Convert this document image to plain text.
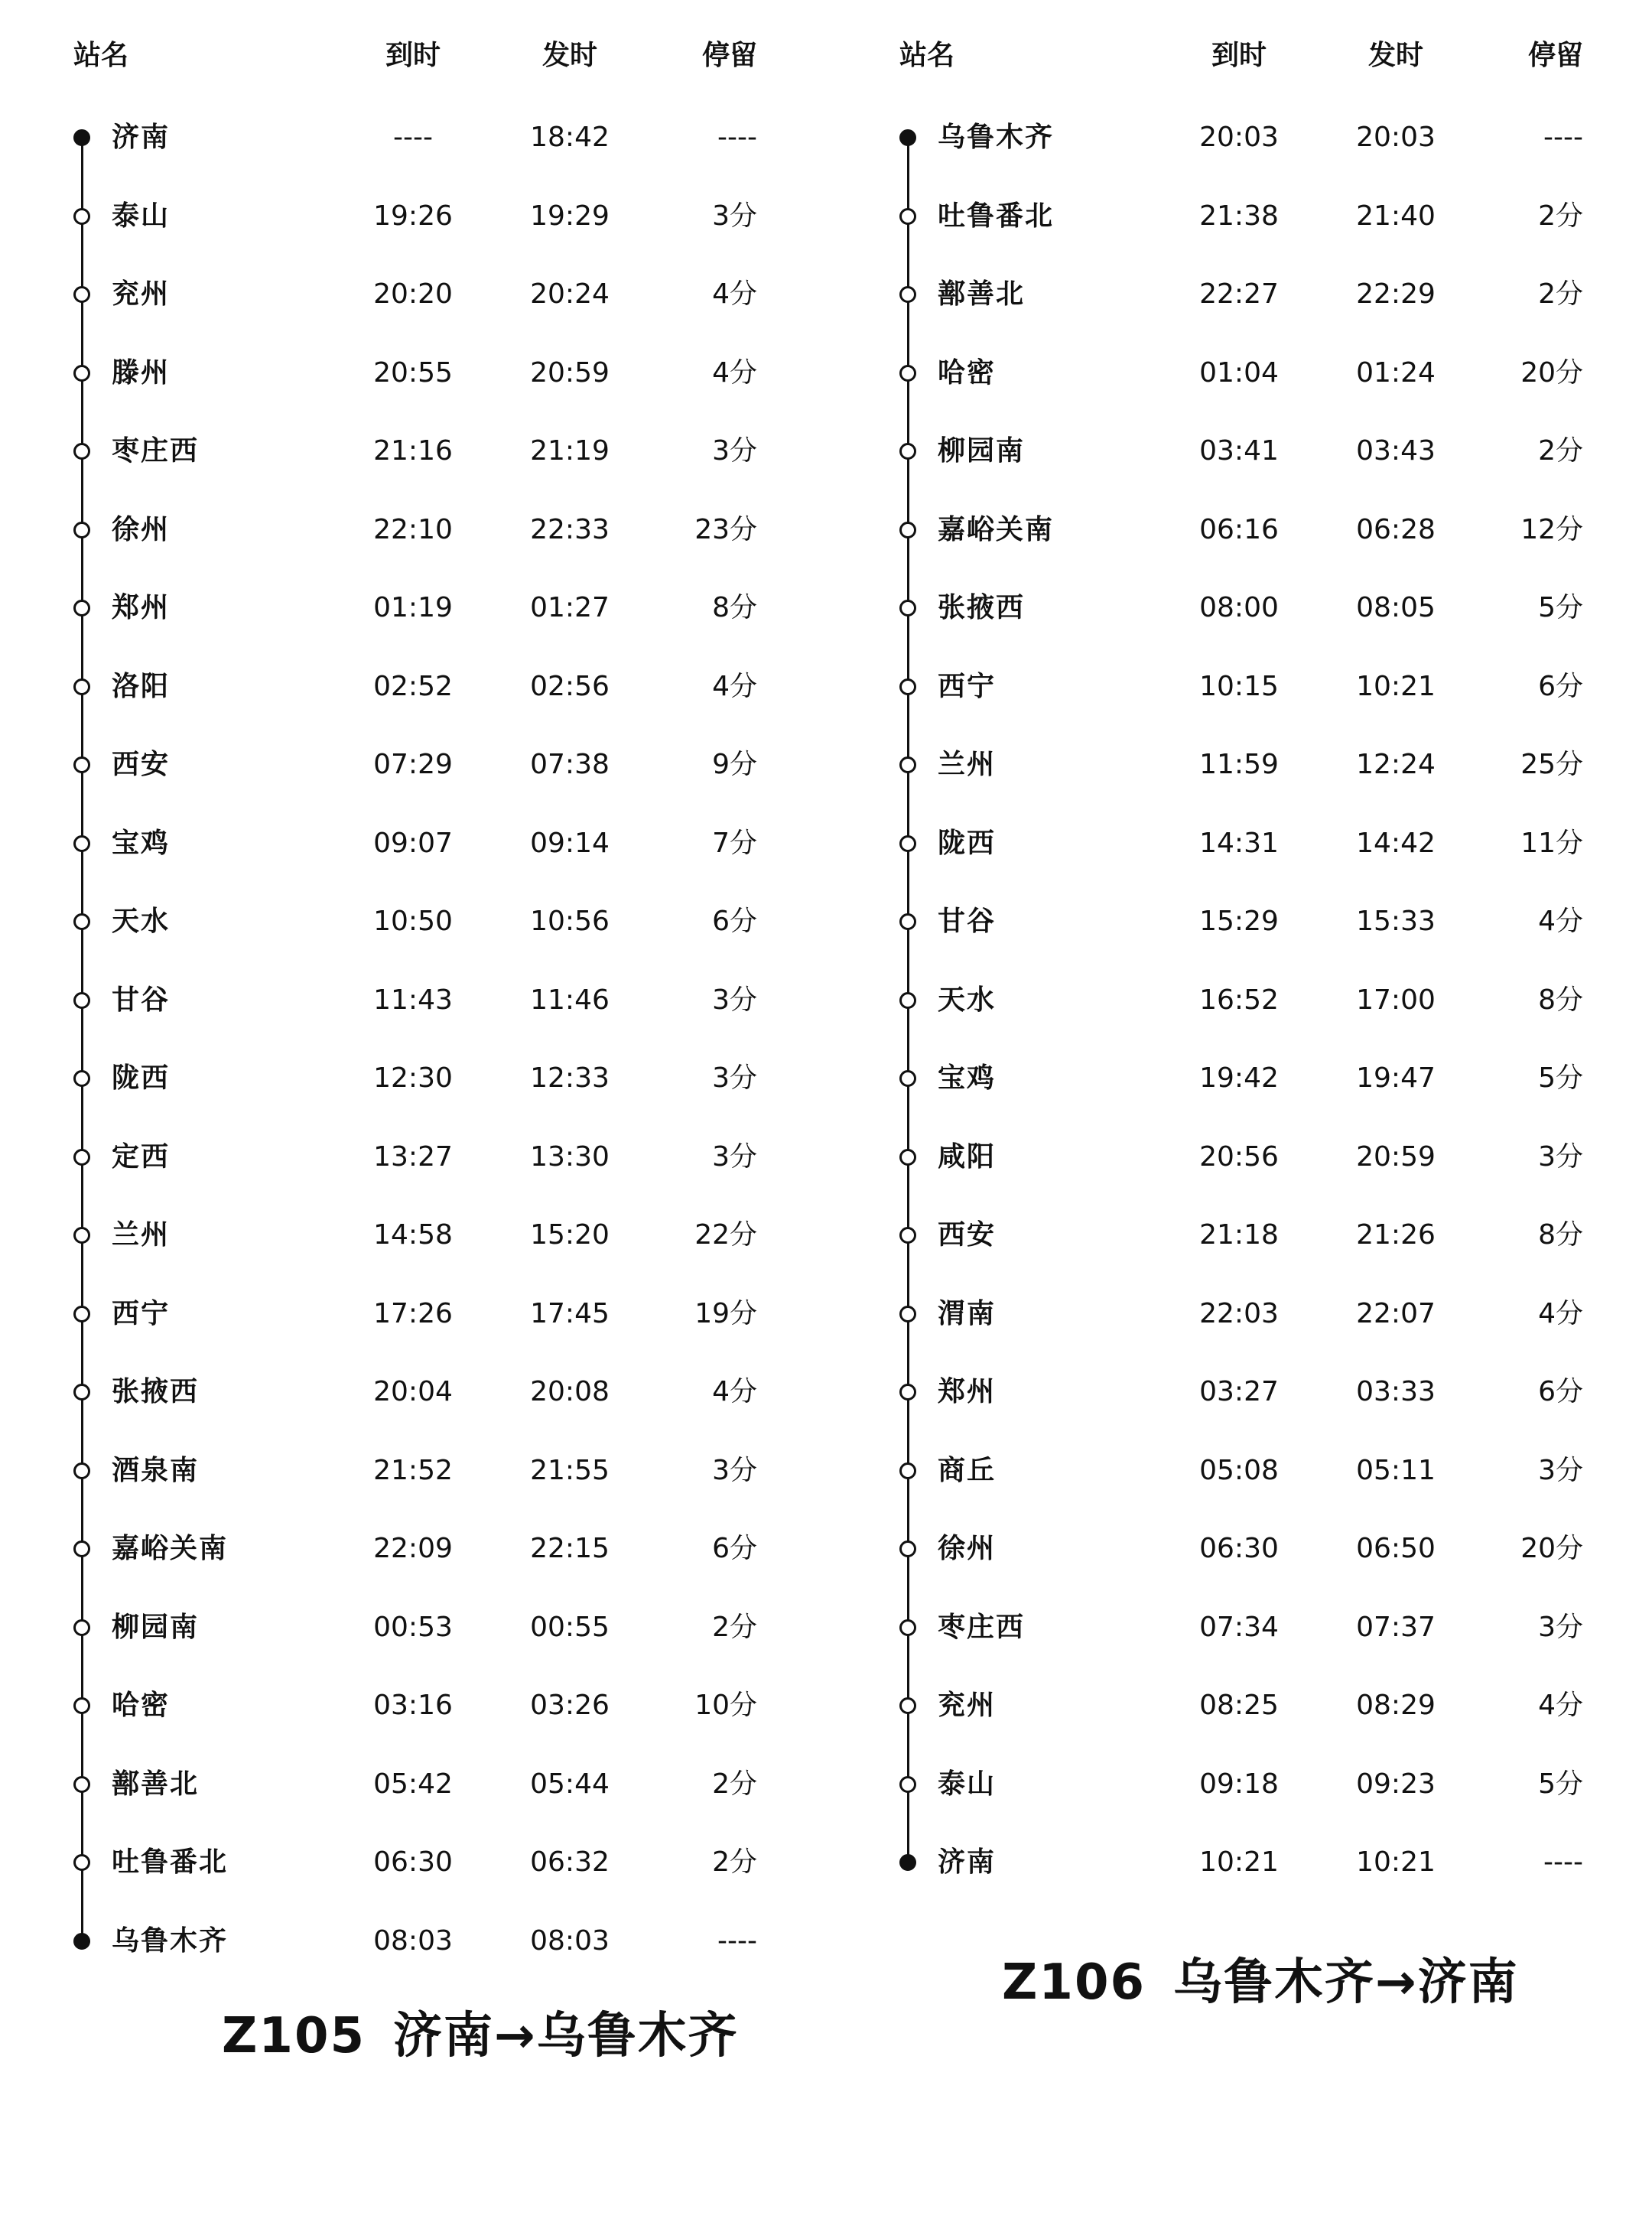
站名	到时	发时	停留
济南	----	18:42	----
泰山	19:26	19:29	3分
兖州	20:20	20:24	4分
滕州	20:55	20:59	4分
枣庄西	21:16	21:19	3分
徐州	22:10	22:33	23分
郑州	01:19	01:27	8分
洛阳	02:52	02:56	4分
西安	07:29	07:38	9分
宝鸡	09:07	09:14	7分
天水	10:50	10:56	6分
甘谷	11:43	11:46	3分
陇西	12:30	12:33	3分
定西	13:27	13:30	3分
兰州	14:58	15:20	22分
西宁	17:26	17:45	19分
张掖西	20:04	20:08	4分
酒泉南	21:52	21:55	3分
嘉峪关南	22:09	22:15	6分
柳园南	00:53	00:55	2分
哈密	03:16	03:26	10分
鄯善北	05:42	05:44	2分
吐鲁番北	06:30	06:32	2分
乌鲁木齐	08:03	08:03	----
Z105 济南→乌鲁木齐
站名	到时	发时	停留
乌鲁木齐	20:03	20:03	----
吐鲁番北	21:38	21:40	2分
鄯善北	22:27	22:29	2分
哈密	01:04	01:24	20分
柳园南	03:41	03:43	2分
嘉峪关南	06:16	06:28	12分
张掖西	08:00	08:05	5分
西宁	10:15	10:21	6分
兰州	11:59	12:24	25分
陇西	14:31	14:42	11分
甘谷	15:29	15:33	4分
天水	16:52	17:00	8分
宝鸡	19:42	19:47	5分
咸阳	20:56	20:59	3分
西安	21:18	21:26	8分
渭南	22:03	22:07	4分
郑州	03:27	03:33	6分
商丘	05:08	05:11	3分
徐州	06:30	06:50	20分
枣庄西	07:34	07:37	3分
兖州	08:25	08:29	4分
泰山	09:18	09:23	5分
济南	10:21	10:21	----
Z106 乌鲁木齐→济南
